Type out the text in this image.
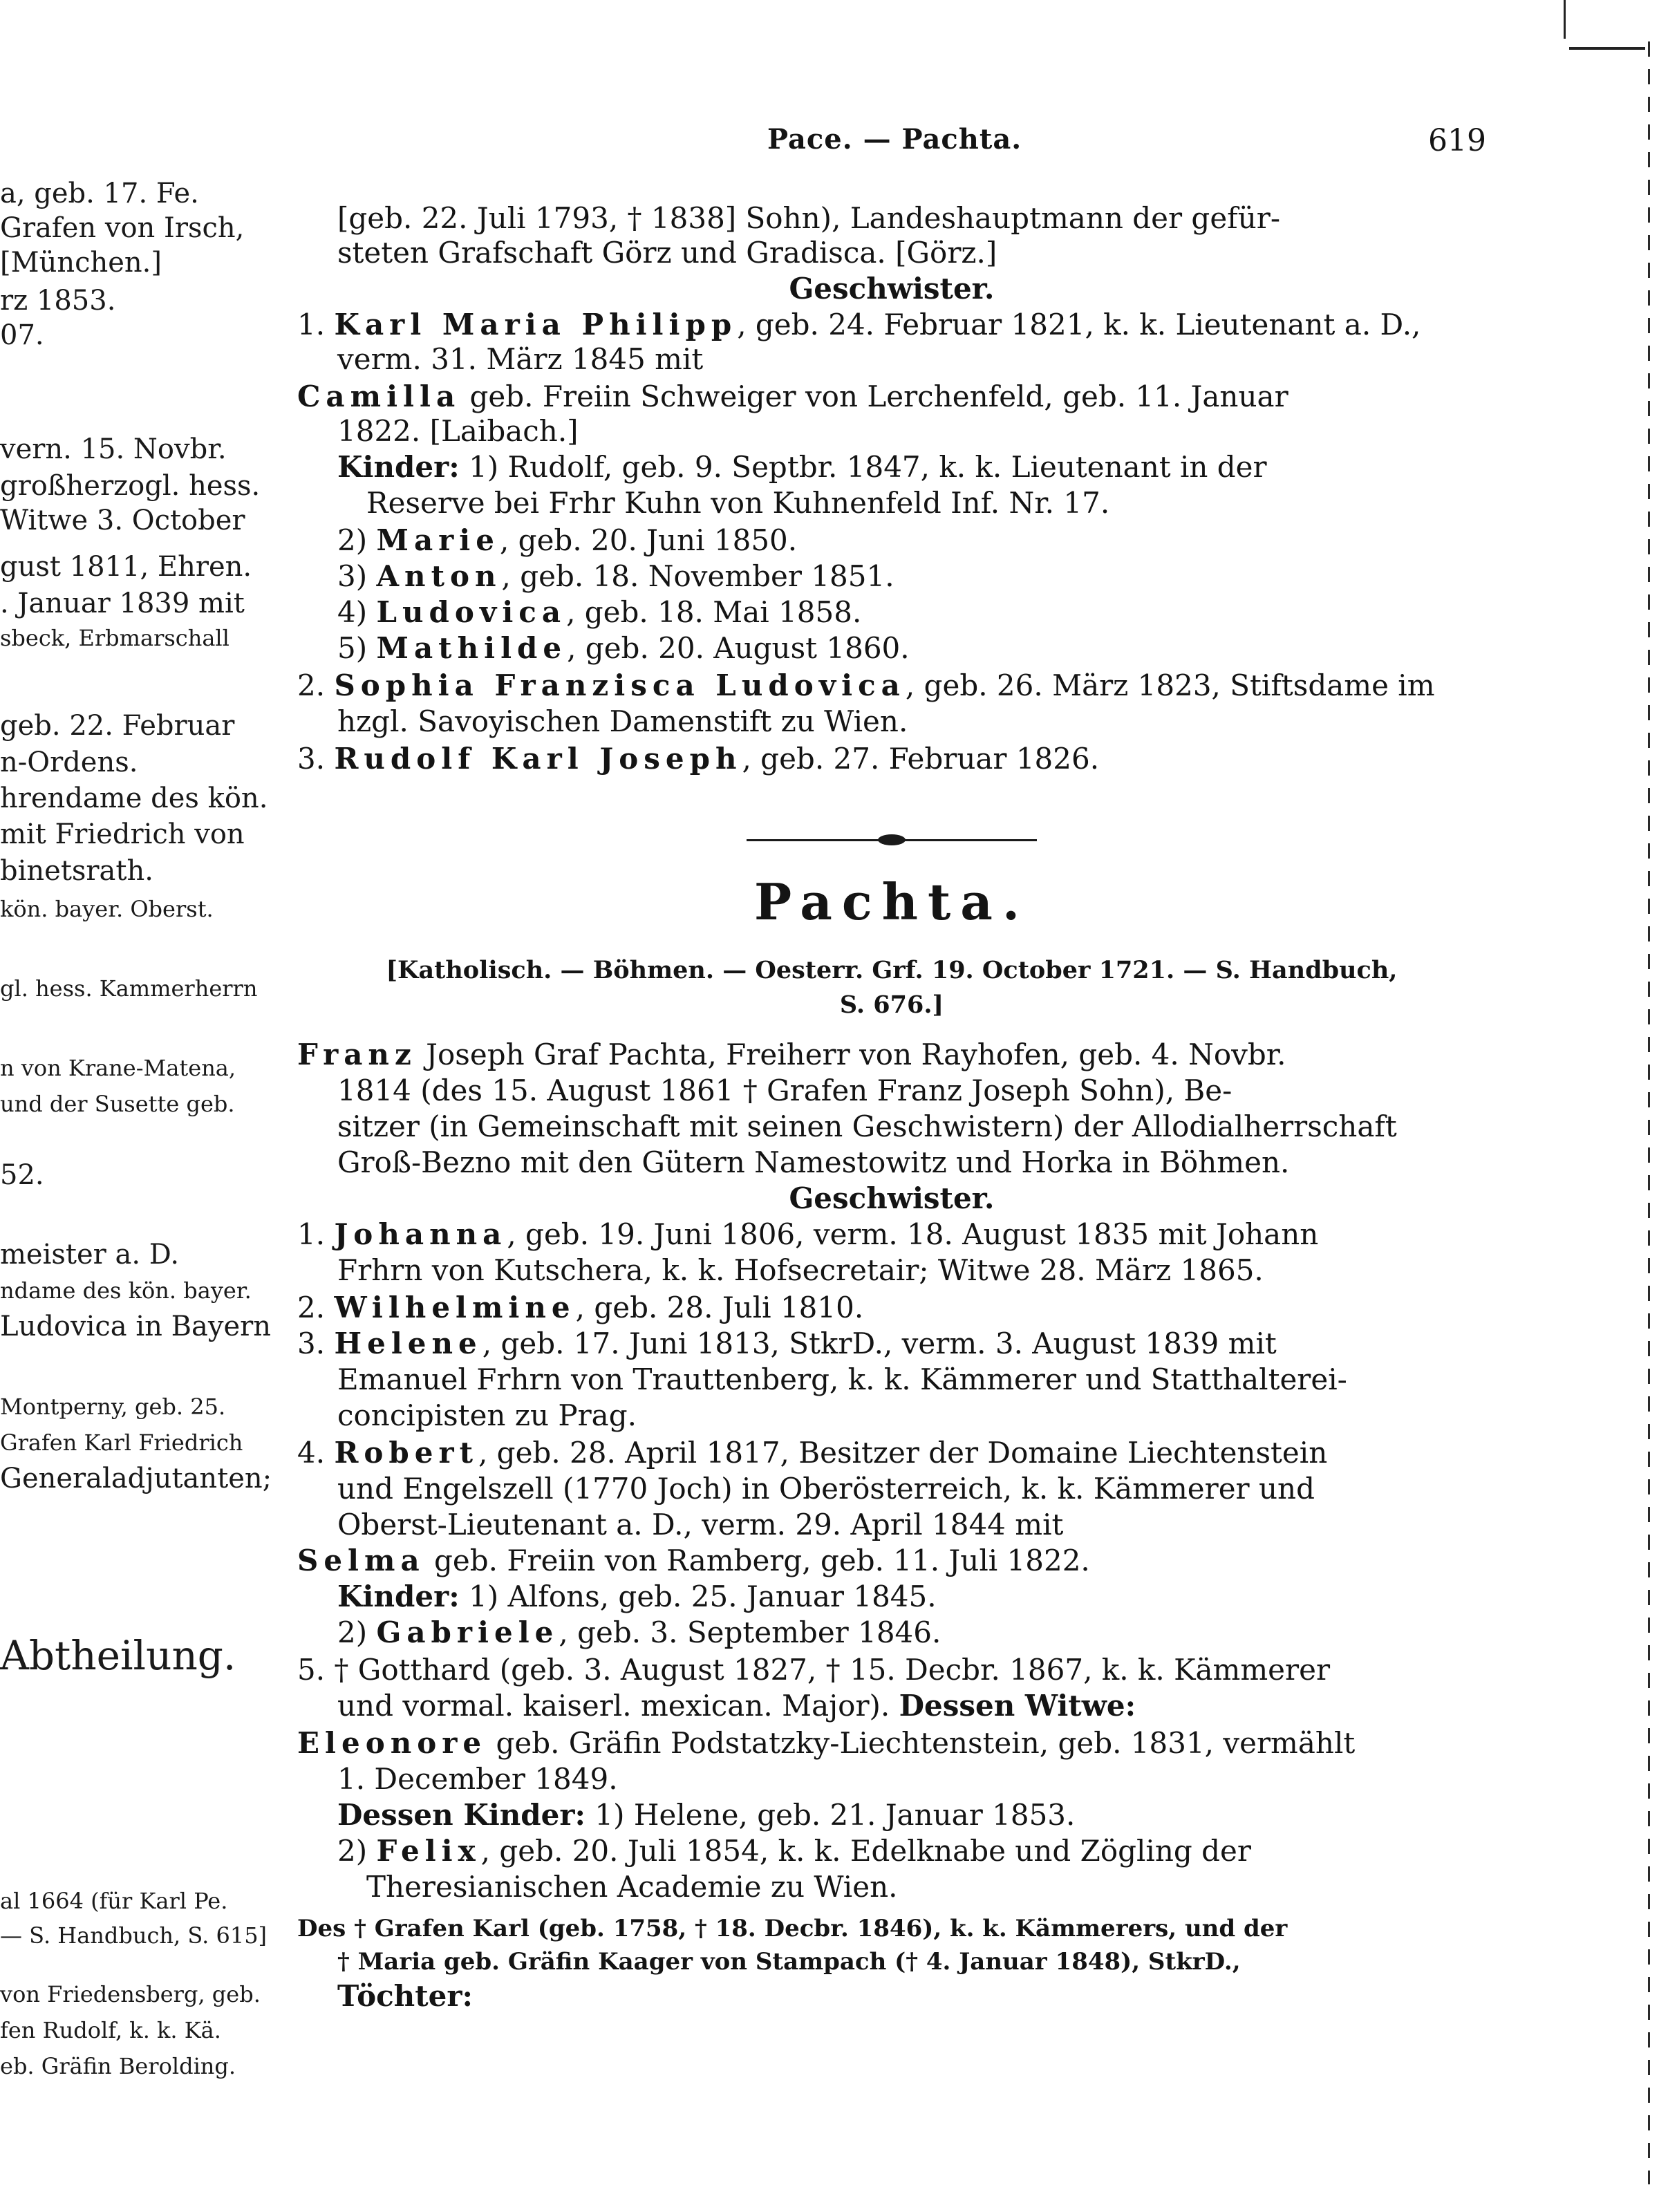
a, geb. 17. Fe.
Grafen von Irsch,
[München.]
rz 1853.
07.
vern. 15. Novbr.
großherzogl. hess.
Witwe 3. October
gust 1811, Ehren.
. Januar 1839 mit
sbeck, Erbmarschall
geb. 22. Februar
n-Ordens.
hrendame des kön.
mit Friedrich von
binetsrath.
kön. bayer. Oberst.
gl. hess. Kammerherrn
n von Krane-Matena,
und der Susette geb.
52.
meister a. D.
ndame des kön. bayer.
Ludovica in Bayern
Montperny, geb. 25.
Grafen Karl Friedrich
Generaladjutanten;
Abtheilung.
al 1664 (für Karl Pe.
— S. Handbuch, S. 615]
von Friedensberg, geb.
fen Rudolf, k. k. Kä.
eb. Gräfin Berolding.
Pace. — Pachta.	619
[geb. 22. Juli 1793, † 1838] Sohn), Landeshauptmann der gefür-
steten Grafschaft Görz und Gradisca. [Görz.]
Geschwister.
1. Karl Maria Philipp, geb. 24. Februar 1821, k. k. Lieutenant a. D.,
verm. 31. März 1845 mit
Camilla geb. Freiin Schweiger von Lerchenfeld, geb. 11. Januar
1822. [Laibach.]
Kinder: 1) Rudolf, geb. 9. Septbr. 1847, k. k. Lieutenant in der
Reserve bei Frhr Kuhn von Kuhnenfeld Inf. Nr. 17.
2) Marie, geb. 20. Juni 1850.
3) Anton, geb. 18. November 1851.
4) Ludovica, geb. 18. Mai 1858.
5) Mathilde, geb. 20. August 1860.
2. Sophia Franzisca Ludovica, geb. 26. März 1823, Stiftsdame im
hzgl. Savoyischen Damenstift zu Wien.
3. Rudolf Karl Joseph, geb. 27. Februar 1826.
Pachta.
[Katholisch. — Böhmen. — Oesterr. Grf. 19. October 1721. — S. Handbuch,
S. 676.]
Franz Joseph Graf Pachta, Freiherr von Rayhofen, geb. 4. Novbr.
1814 (des 15. August 1861 † Grafen Franz Joseph Sohn), Be-
sitzer (in Gemeinschaft mit seinen Geschwistern) der Allodialherrschaft
Groß-Bezno mit den Gütern Namestowitz und Horka in Böhmen.
Geschwister.
1. Johanna, geb. 19. Juni 1806, verm. 18. August 1835 mit Johann
Frhrn von Kutschera, k. k. Hofsecretair; Witwe 28. März 1865.
2. Wilhelmine, geb. 28. Juli 1810.
3. Helene, geb. 17. Juni 1813, StkrD., verm. 3. August 1839 mit
Emanuel Frhrn von Trauttenberg, k. k. Kämmerer und Statthalterei-
concipisten zu Prag.
4. Robert, geb. 28. April 1817, Besitzer der Domaine Liechtenstein
und Engelszell (1770 Joch) in Oberösterreich, k. k. Kämmerer und
Oberst-Lieutenant a. D., verm. 29. April 1844 mit
Selma geb. Freiin von Ramberg, geb. 11. Juli 1822.
Kinder: 1) Alfons, geb. 25. Januar 1845.
2) Gabriele, geb. 3. September 1846.
5. † Gotthard (geb. 3. August 1827, † 15. Decbr. 1867, k. k. Kämmerer
und vormal. kaiserl. mexican. Major). Dessen Witwe:
Eleonore geb. Gräfin Podstatzky-Liechtenstein, geb. 1831, vermählt
1. December 1849.
Dessen Kinder: 1) Helene, geb. 21. Januar 1853.
2) Felix, geb. 20. Juli 1854, k. k. Edelknabe und Zögling der
Theresianischen Academie zu Wien.
Des † Grafen Karl (geb. 1758, † 18. Decbr. 1846), k. k. Kämmerers, und der
† Maria geb. Gräfin Kaager von Stampach († 4. Januar 1848), StkrD.,
Töchter:
